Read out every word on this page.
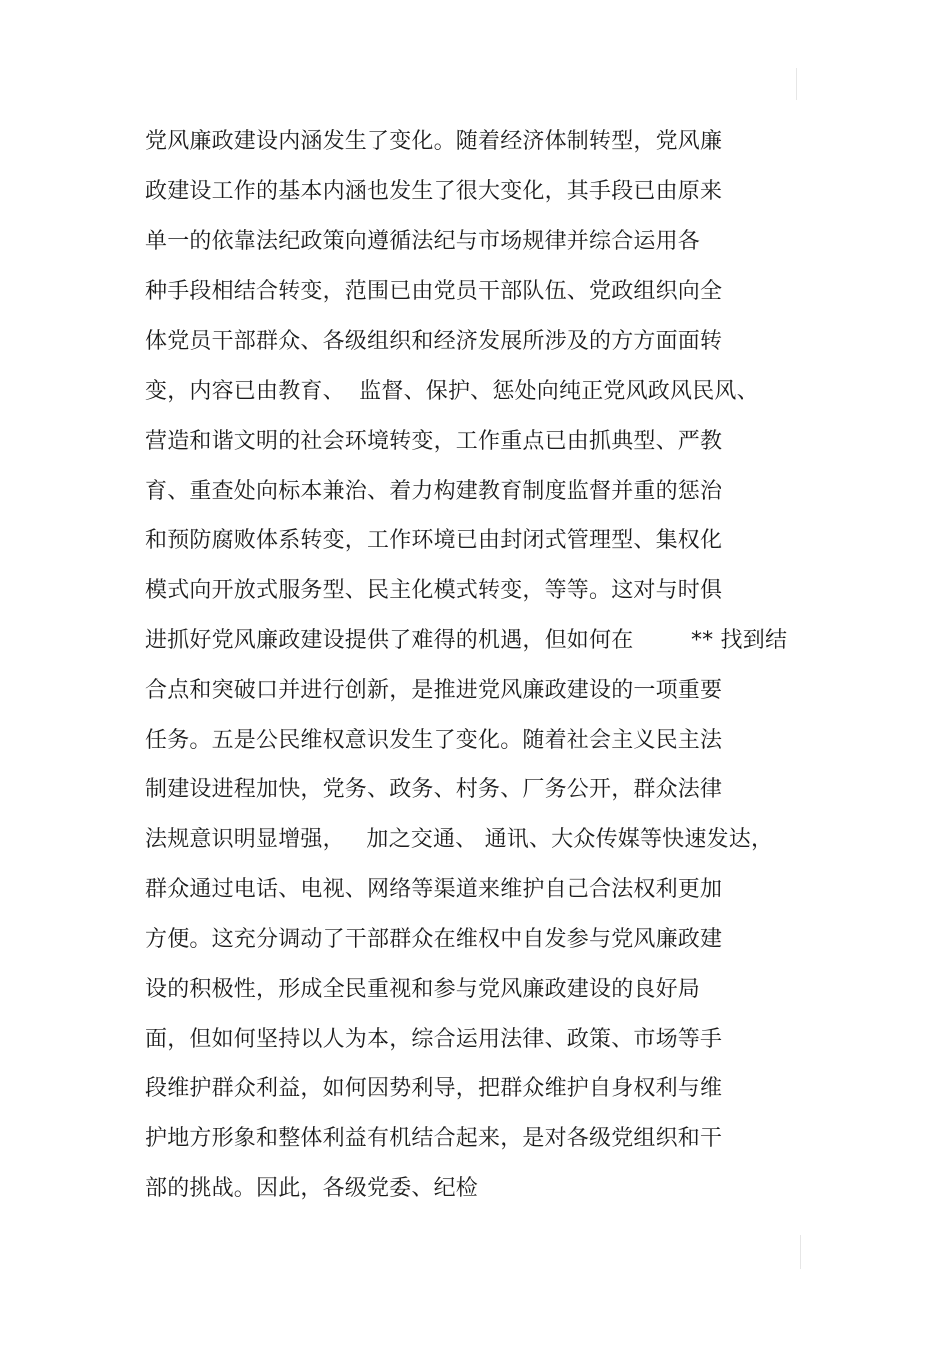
党风廉政建设内涵发生了变化。随着经济体制转型，党风廉
政建设工作的基本内涵也发生了很大变化，其手段已由原来
单一的依靠法纪政策向遵循法纪与市场规律并综合运用各
种手段相结合转变，范围已由党员干部队伍、党政组织向全
体党员干部群众、各级组织和经济发展所涉及的方方面面转
变，内容已由教育、  监督、保护、惩处向纯正党风政风民风、
营造和谐文明的社会环境转变，工作重点已由抓典型、严教
育、重查处向标本兼治、着力构建教育制度监督并重的惩治
和预防腐败体系转变，工作环境已由封闭式管理型、集权化
模式向开放式服务型、民主化模式转变，等等。这对与时俱
进抓好党风廉政建设提供了难得的机遇，但如何在        ** 找到结
合点和突破口并进行创新，是推进党风廉政建设的一项重要
任务。五是公民维权意识发生了变化。随着社会主义民主法
制建设进程加快，党务、政务、村务、厂务公开，群众法律
法规意识明显增强，   加之交通、 通讯、大众传媒等快速发达，
群众通过电话、电视、网络等渠道来维护自己合法权利更加
方便。这充分调动了干部群众在维权中自发参与党风廉政建
设的积极性，形成全民重视和参与党风廉政建设的良好局
面，但如何坚持以人为本，综合运用法律、政策、市场等手
段维护群众利益，如何因势利导，把群众维护自身权利与维
护地方形象和整体利益有机结合起来，是对各级党组织和干
部的挑战。因此，各级党委、纪检
